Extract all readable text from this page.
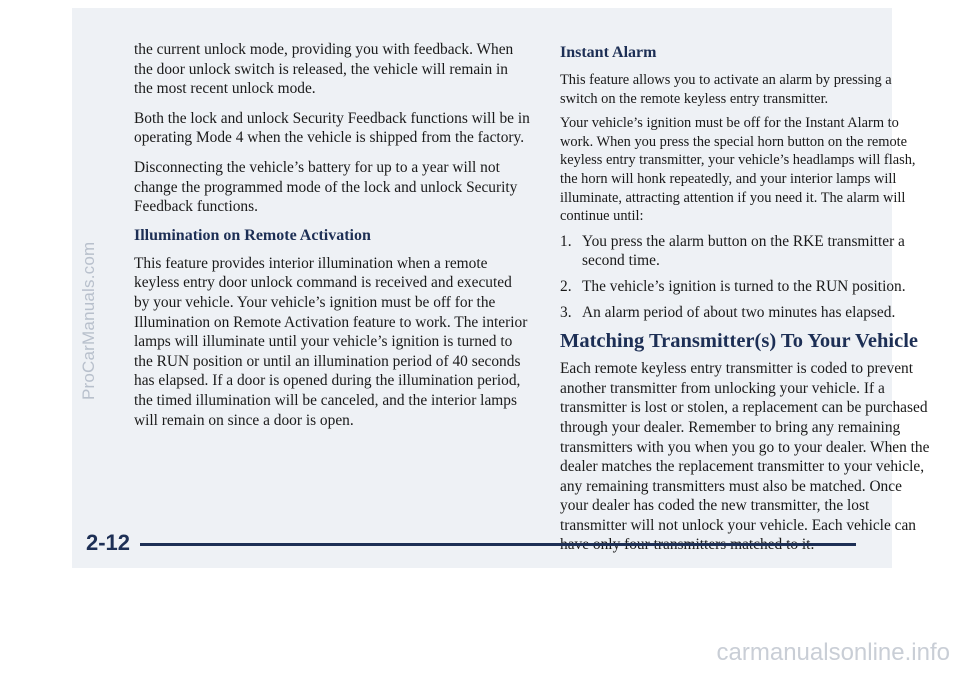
the current unlock mode, providing you with feedback. When the door unlock switch is released, the vehicle will remain in the most recent unlock mode.

Both the lock and unlock Security Feedback functions will be in operating Mode 4 when the vehicle is shipped from the factory.

Disconnecting the vehicle’s battery for up to a year will not change the programmed mode of the lock and unlock Security Feedback functions.

Illumination on Remote Activation

This feature provides interior illumination when a remote keyless entry door unlock command is received and executed by your vehicle. Your vehicle’s ignition must be off for the Illumination on Remote Activation feature to work. The interior lamps will illuminate until your vehicle’s ignition is turned to the RUN position or until an illumination period of 40 seconds has elapsed. If a door is opened during the illumination period, the timed illumination will be canceled, and the interior lamps will remain on since a door is open.

Instant Alarm

This feature allows you to activate an alarm by pressing a switch on the remote keyless entry transmitter.

Your vehicle’s ignition must be off for the Instant Alarm to work. When you press the special horn button on the remote keyless entry transmitter, your vehicle’s headlamps will flash, the horn will honk repeatedly, and your interior lamps will illuminate, attracting attention if you need it. The alarm will continue until:

1. You press the alarm button on the RKE transmitter a second time.
2. The vehicle’s ignition is turned to the RUN position.
3. An alarm period of about two minutes has elapsed.
Matching Transmitter(s) To Your Vehicle

Each remote keyless entry transmitter is coded to prevent another transmitter from unlocking your vehicle. If a transmitter is lost or stolen, a replacement can be purchased through your dealer. Remember to bring any remaining transmitters with you when you go to your dealer. When the dealer matches the replacement transmitter to your vehicle, any remaining transmitters must also be matched. Once your dealer has coded the new transmitter, the lost transmitter will not unlock your vehicle. Each vehicle can

2-12
ProCarManuals.com
carmanualsonline.info
